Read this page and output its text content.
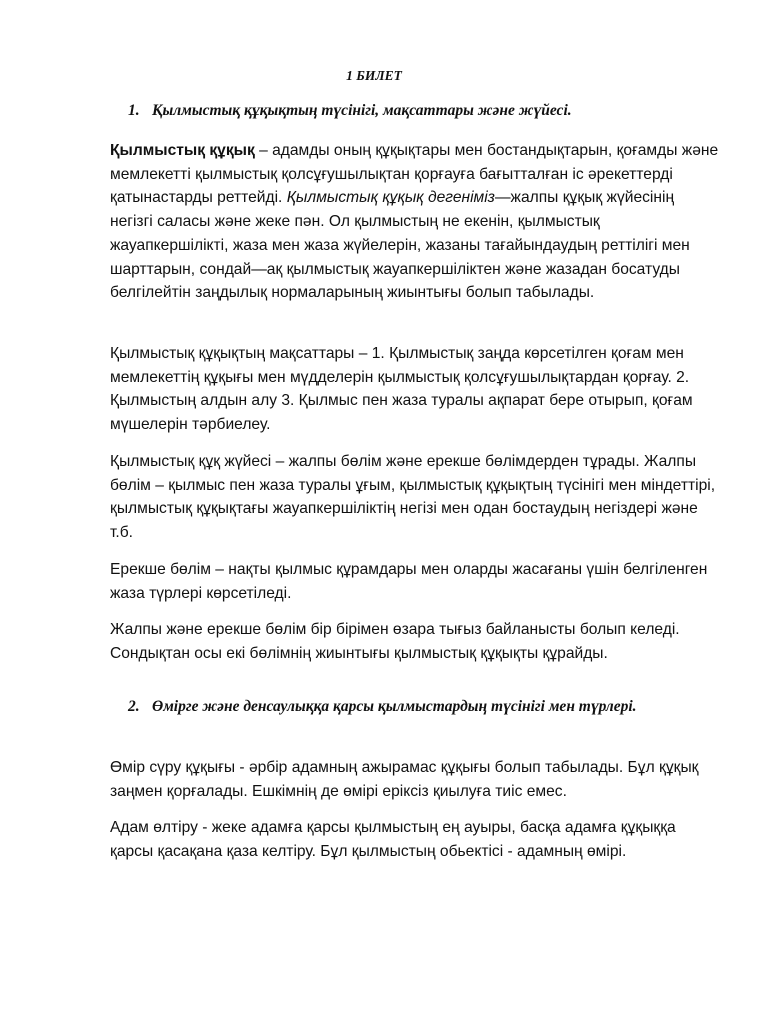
1 БИЛЕТ
1. Қылмыстық құқықтың түсінігі, мақсаттары және жүйесі.

Қылмыстық құқық – адамды оның құқықтары мен бостандықтарын, қоғамды және мемлекетті қылмыстық қолсұғушылықтан қорғауға бағытталған іс әрекеттерді қатынастарды реттейді. Қылмыстық құқық дегеніміз—жалпы құқық жүйесінің негізгі саласы және жеке пән. Ол қылмыстың не екенін, қылмыстық жауапкершілікті, жаза мен жаза жүйелерін, жазаны тағайындаудың реттілігі мен шарттарын, сондай—ақ қылмыстық жауапкершіліктен және жазадан босатуды белгілейтін заңдылық нормаларының жиынтығы болып табылады.

Қылмыстық құқықтың мақсаттары – 1. Қылмыстық заңда көрсетілген қоғам мен мемлекеттің құқығы мен мүдделерін қылмыстық қолсұғушылықтардан қорғау. 2. Қылмыстың алдын алу 3. Қылмыс пен жаза туралы ақпарат бере отырып, қоғам мүшелерін тәрбиелеу.

Қылмыстық құқ жүйесі – жалпы бөлім және ерекше бөлімдерден тұрады. Жалпы бөлім – қылмыс пен жаза туралы ұғым, қылмыстық құқықтың түсінігі мен міндеттірі, қылмыстық құқықтағы жауапкершіліктің негізі мен одан бостаудың негіздері және т.б.

Ерекше бөлім – нақты қылмыс құрамдары мен оларды жасағаны үшін белгіленген жаза түрлері көрсетіледі.

Жалпы және ерекше бөлім бір бірімен өзара тығыз байланысты болып келеді. Сондықтан осы екі бөлімнің жиынтығы қылмыстық құқықты құрайды.

2. Өмірге және денсаулыққа қарсы қылмыстардың түсінігі мен түрлері.

Өмір сүру құқығы - әрбір адамның ажырамас құқығы болып табылады. Бұл құқық заңмен қорғалады. Ешкімнің де өмірі еріксіз қиылуға тиіс емес.

Адам өлтіру - жеке адамға қарсы қылмыстың ең ауыры, басқа адамға құқыққа қарсы қасақана қаза келтіру. Бұл қылмыстың обьектісі - адамның өмірі.
